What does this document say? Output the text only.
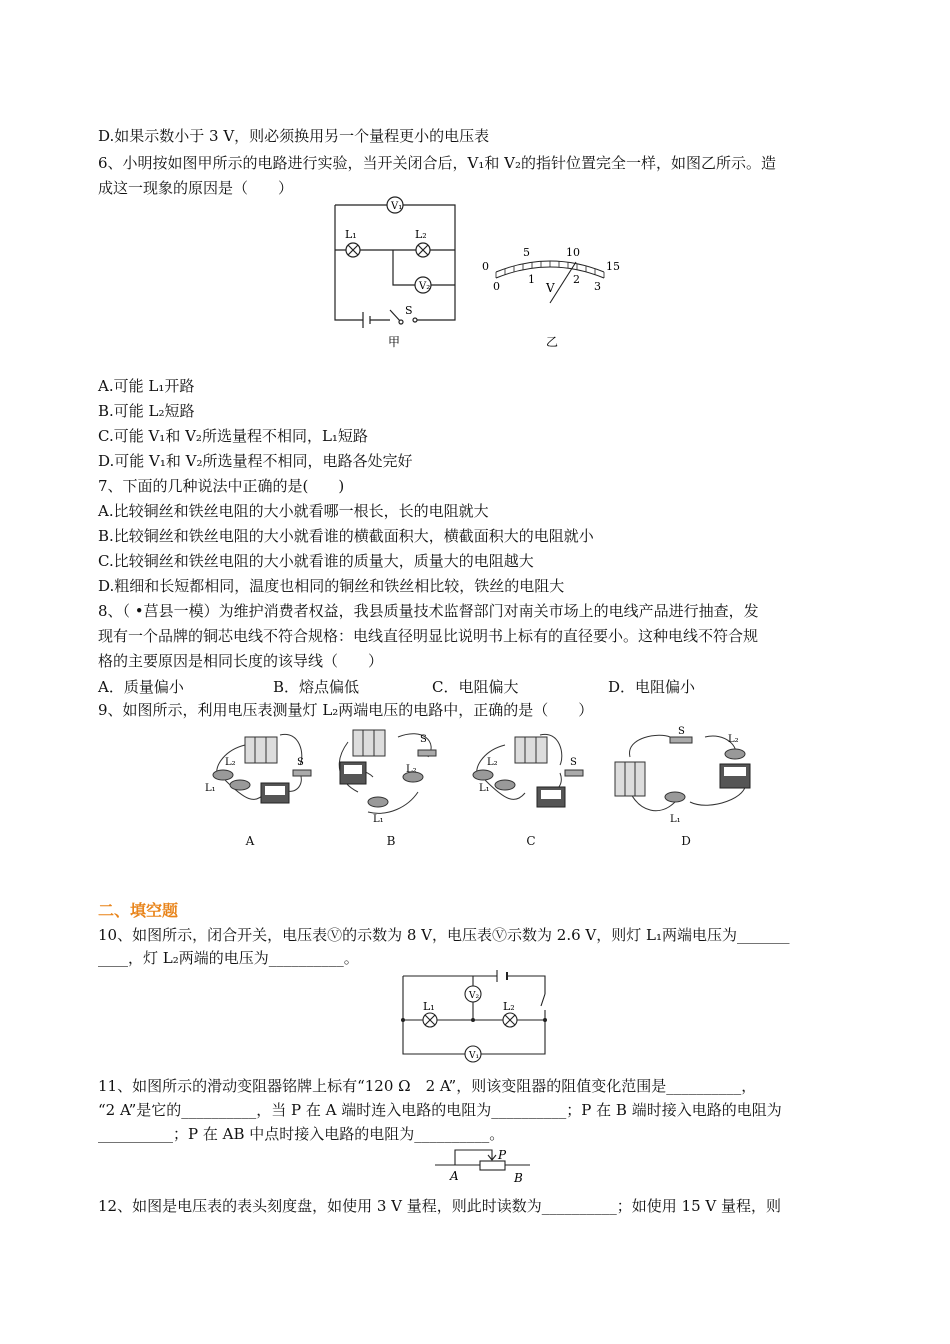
D.如果示数小于 3 V，则必须换用另一个量程更小的电压表
6、小明按如图甲所示的电路进行实验，当开关闭合后，V₁和 V₂的指针位置完全一样，如图乙所示。造
成这一现象的原因是（　　）
V₁
V₂
L₁	L₂
S
甲
0
5	10
15
0
1	2
3
V
乙
A.可能 L₁开路
B.可能 L₂短路
C.可能 V₁和 V₂所选量程不相同，L₁短路
D.可能 V₁和 V₂所选量程不相同，电路各处完好
7、下面的几种说法中正确的是(　　)
A.比较铜丝和铁丝电阻的大小就看哪一根长，长的电阻就大
B.比较铜丝和铁丝电阻的大小就看谁的横截面积大，横截面积大的电阻就小
C.比较铜丝和铁丝电阻的大小就看谁的质量大，质量大的电阻越大
D.粗细和长短都相同，温度也相同的铜丝和铁丝相比较，铁丝的电阻大
8、（ •莒县一模）为维护消费者权益，我县质量技术监督部门对南关市场上的电线产品进行抽查，发
现有一个品牌的铜芯电线不符合规格：电线直径明显比说明书上标有的直径要小。这种电线不符合规
格的主要原因是相同长度的该导线（　　）
A．质量偏小	B．熔点偏低	C．电阻偏大	D．电阻偏小
9、如图所示，利用电压表测量灯 L₂两端电压的电路中，正确的是（　　）
L₂
L₁
S
L₂
L₁
S
L₂
L₁
S
L₂
L₁
S
A	B	C	D
二、填空题
10、如图所示，闭合开关，电压表Ⓥ的示数为 8 V，电压表Ⓥ示数为 2.6 V，则灯 L₁两端电压为_______
____，灯 L₂两端的电压为__________。
L₁	L₂
V₂
V₁
11、如图所示的滑动变阻器铭牌上标有“120 Ω　2 A”，则该变阻器的阻值变化范围是__________，
“2 A”是它的__________，当 P 在 A 端时连入电路的电阻为__________；P 在 B 端时接入电路的电阻为
__________；P 在 AB 中点时接入电路的电阻为__________。
P
A	B
12、如图是电压表的表头刻度盘，如使用 3 V 量程，则此时读数为__________；如使用 15 V 量程，则
